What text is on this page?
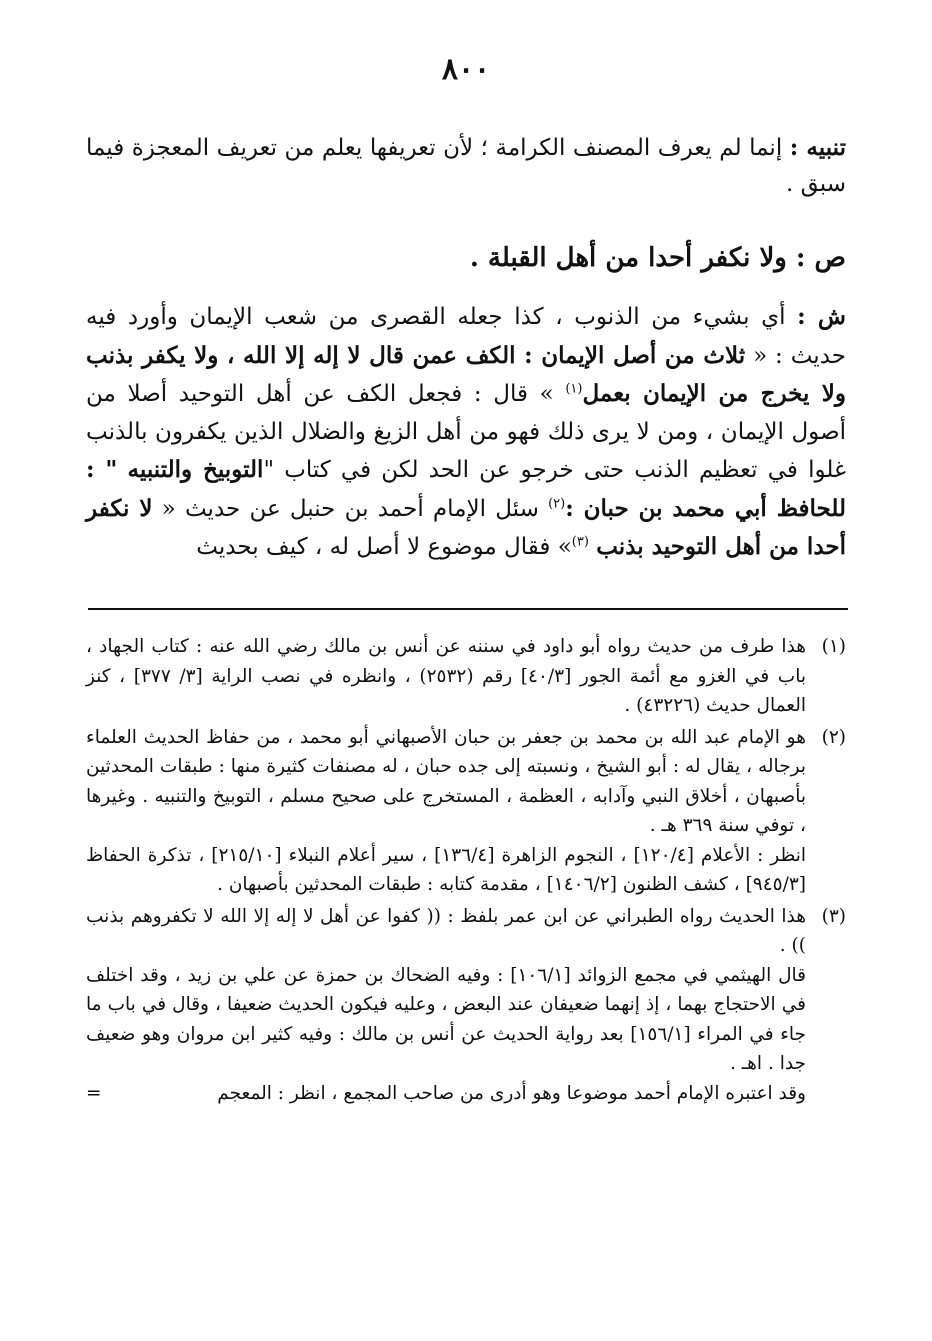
٨٠٠
تنبيه : إنما لم يعرف المصنف الكرامة ؛ لأن تعريفها يعلم من تعريف المعجزة فيما سبق .
ص : ولا نكفر أحدا من أهل القبلة .
ش : أي بشيء من الذنوب ، كذا جعله القصرى من شعب الإيمان وأورد فيه حديث : « ثلاث من أصل الإيمان : الكف عمن قال لا إله إلا الله ، ولا يكفر بذنب ولا يخرج من الإيمان بعمل$^{(١)}$ » قال : فجعل الكف عن أهل التوحيد أصلا من أصول الإيمان ، ومن لا يرى ذلك فهو من أهل الزيغ والضلال الذين يكفرون بالذنب غلوا في تعظيم الذنب حتى خرجو عن الحد لكن في كتاب "التوبيخ والتنبيه " : للحافظ أبي محمد بن حبان :$^{(٢)}$ سئل الإمام أحمد بن حنبل عن حديث « لا نكفر أحدا من أهل التوحيد بذنب $^{(٣)}$» فقال موضوع لا أصل له ، كيف بحديث
(١)

هذا طرف من حديث رواه أبو داود في سننه عن أنس بن مالك رضي الله عنه : كتاب الجهاد ، باب في الغزو مع أئمة الجور [٤٠/٣] رقم (٢٥٣٢) ، وانظره في نصب الراية [٣/ ٣٧٧] ، كنز العمال حديث (٤٣٢٢٦) .

(٢)

هو الإمام عبد الله بن محمد بن جعفر بن حبان الأصبهاني أبو محمد ، من حفاظ الحديث العلماء برجاله ، يقال له : أبو الشيخ ، ونسبته إلى جده حبان ، له مصنفات كثيرة منها : طبقات المحدثين بأصبهان ، أخلاق النبي وآدابه ، العظمة ، المستخرج على صحيح مسلم ، التوبيخ والتنبيه . وغيرها ، توفي سنة ٣٦٩ هـ .

انظر : الأعلام [١٢٠/٤] ، النجوم الزاهرة [١٣٦/٤] ، سير أعلام النبلاء [٢١٥/١٠] ، تذكرة الحفاظ [٩٤٥/٣] ، كشف الظنون [١٤٠٦/٢] ، مقدمة كتابه : طبقات المحدثين بأصبهان .

(٣)

هذا الحديث رواه الطبراني عن ابن عمر بلفظ : (( كفوا عن أهل لا إله إلا الله لا تكفروهم بذنب )) .

قال الهيثمي في مجمع الزوائد [١٠٦/١] : وفيه الضحاك بن حمزة عن علي بن زيد ، وقد اختلف في الاحتجاج بهما ، إذ إنهما ضعيفان عند البعض ، وعليه فيكون الحديث ضعيفا ، وقال في باب ما جاء في المراء [١٥٦/١] بعد رواية الحديث عن أنس بن مالك : وفيه كثير ابن مروان وهو ضعيف جدا . اهـ .

وقد اعتبره الإمام أحمد موضوعا وهو أدرى من صاحب المجمع ، انظر : المعجم
=
